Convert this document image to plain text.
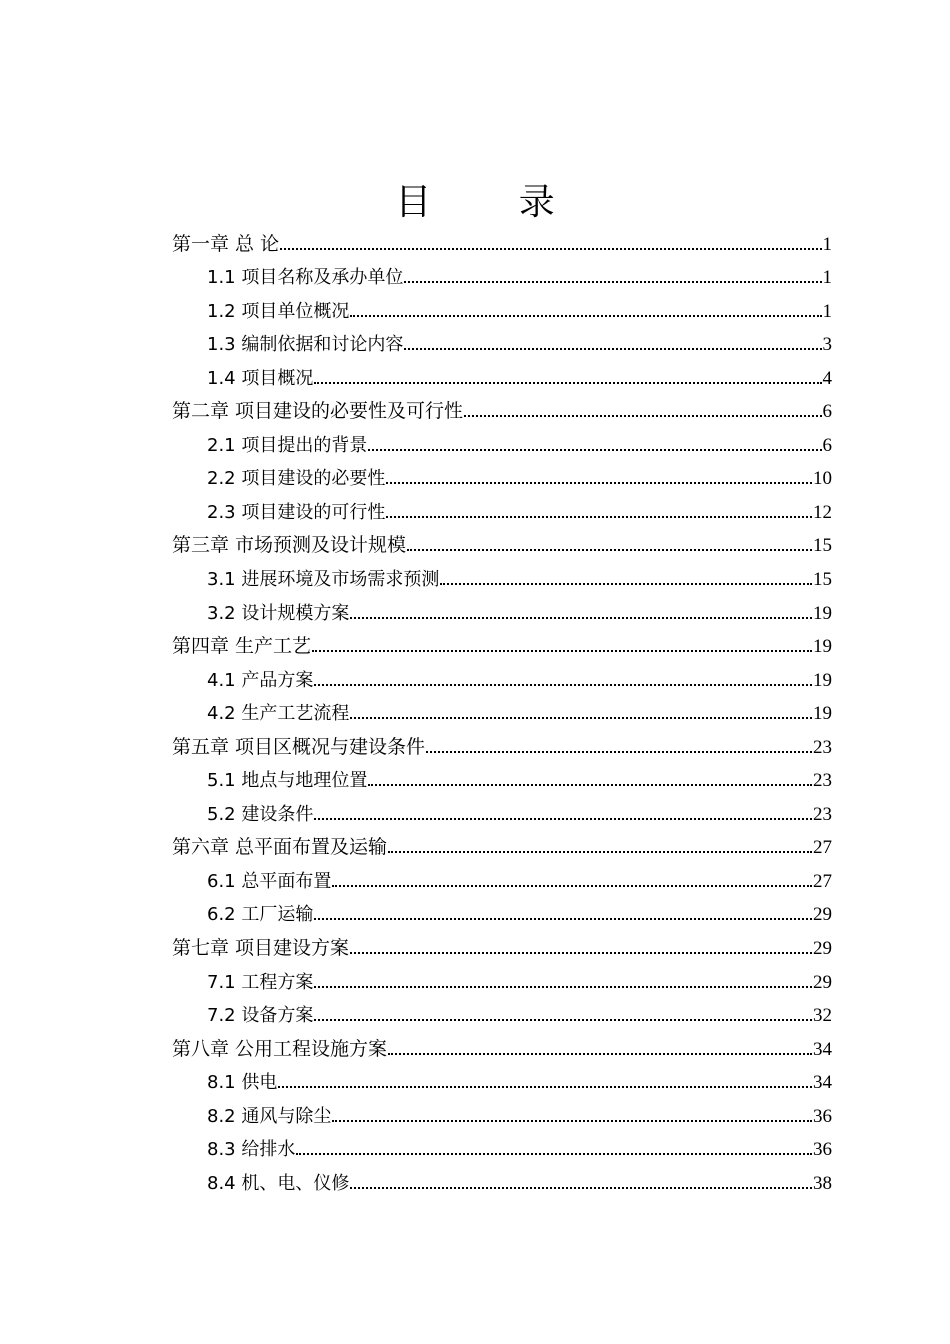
目 录
第一章 总 论	1
1.1 项目名称及承办单位	1
1.2 项目单位概况	1
1.3 编制依据和讨论内容	3
1.4 项目概况	4
第二章 项目建设的必要性及可行性	6
2.1 项目提出的背景	6
2.2 项目建设的必要性	10
2.3 项目建设的可行性	12
第三章 市场预测及设计规模	15
3.1 进展环境及市场需求预测	15
3.2 设计规模方案	19
第四章 生产工艺	19
4.1 产品方案	19
4.2 生产工艺流程	19
第五章 项目区概况与建设条件	23
5.1 地点与地理位置	23
5.2 建设条件	23
第六章 总平面布置及运输	27
6.1 总平面布置	27
6.2 工厂运输	29
第七章 项目建设方案	29
7.1 工程方案	29
7.2 设备方案	32
第八章 公用工程设施方案	34
8.1 供电	34
8.2 通风与除尘	36
8.3 给排水	36
8.4 机、电、仪修	38
